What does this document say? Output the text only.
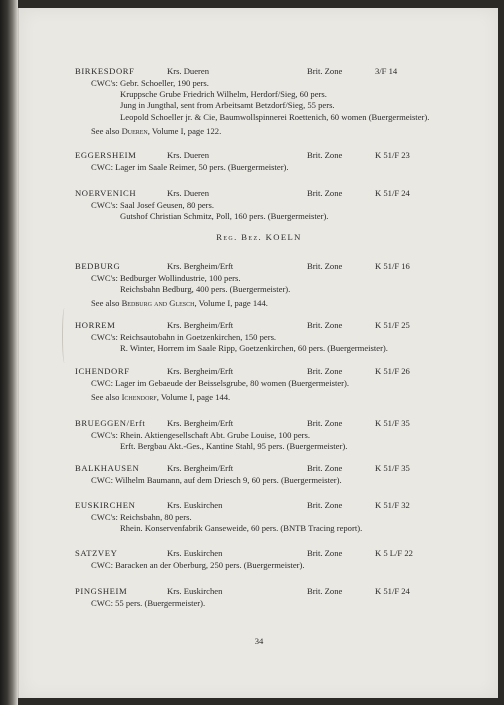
BIRKESDORF	Krs. Dueren	Brit. Zone	3/F 14
CWC's: Gebr. Schoeller, 190 pers.
Kruppsche Grube Friedrich Wilhelm, Herdorf/Sieg, 60 pers.
Jung in Jungthal, sent from Arbeitsamt Betzdorf/Sieg, 55 pers.
Leopold Schoeller jr. & Cie, Baumwollspinnerei Roettenich, 60 women (Buergermeister).
See also Dueren, Volume I, page 122.
EGGERSHEIM	Krs. Dueren	Brit. Zone	K 51/F 23
CWC: Lager im Saale Reimer, 50 pers. (Buergermeister).
NOERVENICH	Krs. Dueren	Brit. Zone	K 51/F 24
CWC's: Saal Josef Geusen, 80 pers.
Gutshof Christian Schmitz, Poll, 160 pers. (Buergermeister).
BEDBURG	Krs. Bergheim/Erft	Brit. Zone	K 51/F 16
CWC's: Bedburger Wollindustrie, 100 pers.
Reichsbahn Bedburg, 400 pers. (Buergermeister).
See also Bedburg and Glesch, Volume I, page 144.
HORREM	Krs. Bergheim/Erft	Brit. Zone	K 51/F 25
CWC's: Reichsautobahn in Goetzenkirchen, 150 pers.
R. Winter, Horrem im Saale Ripp, Goetzenkirchen, 60 pers. (Buergermeister).
ICHENDORF	Krs. Bergheim/Erft	Brit. Zone	K 51/F 26
CWC: Lager im Gebaeude der Beisselsgrube, 80 women (Buergermeister).
See also Ichendorf, Volume I, page 144.
BRUEGGEN/Erft	Krs. Bergheim/Erft	Brit. Zone	K 51/F 35
CWC's: Rhein. Aktiengesellschaft Abt. Grube Louise, 100 pers.
Erft. Bergbau Akt.-Ges., Kantine Stahl, 95 pers. (Buergermeister).
BALKHAUSEN	Krs. Bergheim/Erft	Brit. Zone	K 51/F 35
CWC: Wilhelm Baumann, auf dem Driesch 9, 60 pers. (Buergermeister).
EUSKIRCHEN	Krs. Euskirchen	Brit. Zone	K 51/F 32
CWC's: Reichsbahn, 80 pers.
Rhein. Konservenfabrik Ganseweide, 60 pers. (BNTB Tracing report).
SATZVEY	Krs. Euskirchen	Brit. Zone	K 5 L/F 22
CWC: Baracken an der Oberburg, 250 pers. (Buergermeister).
PINGSHEIM	Krs. Euskirchen	Brit. Zone	K 51/F 24
CWC: 55 pers. (Buergermeister).
Reg. Bez. KOELN
34
